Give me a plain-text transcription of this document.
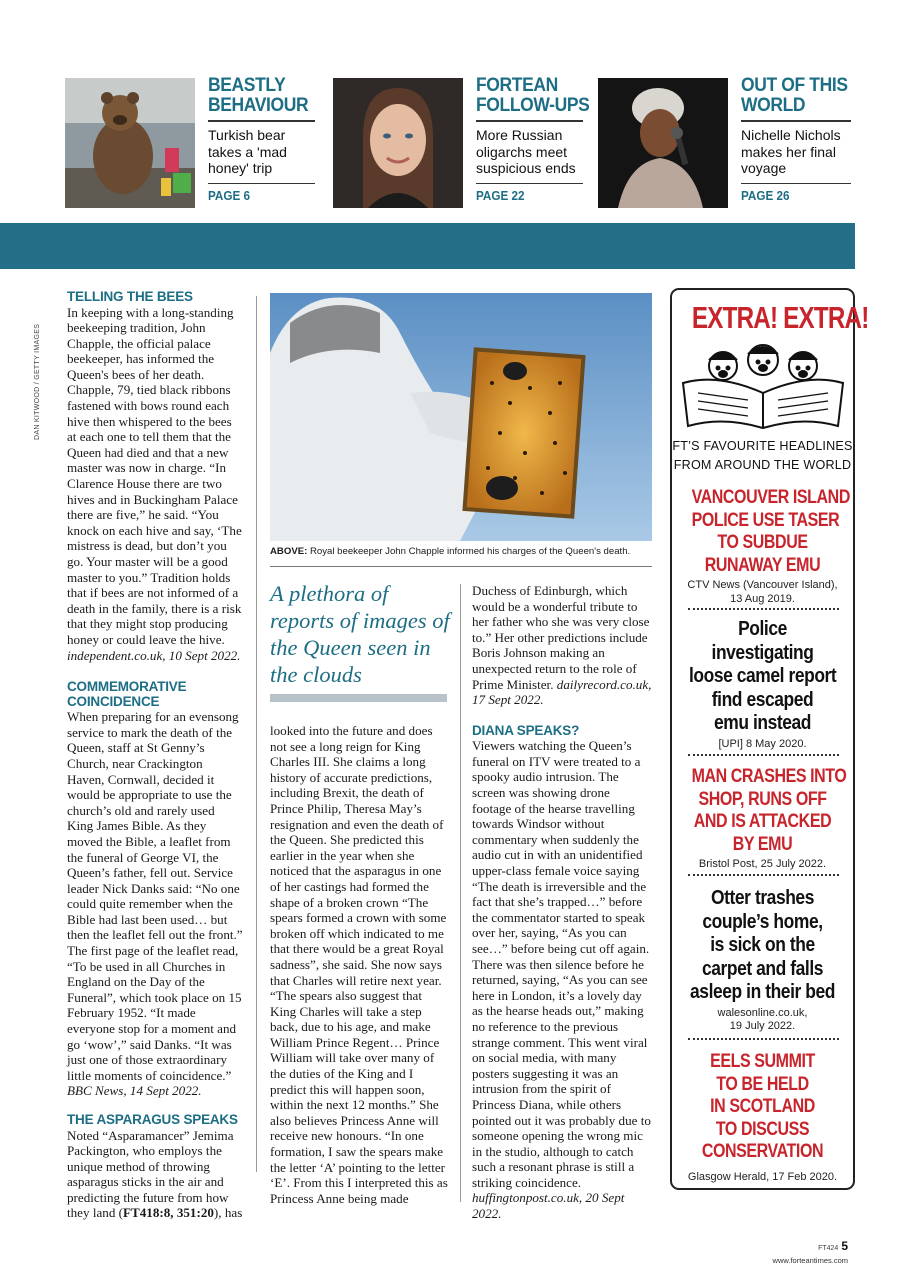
BEASTLY
BEHAVIOUR
Turkish bear
takes a 'mad
honey' trip
PAGE 6
FORTEAN
FOLLOW-UPS
More Russian
oligarchs meet
suspicious ends
PAGE 22
OUT OF THIS
WORLD
Nichelle Nichols
makes her final
voyage
PAGE 26
DAN KITWOOD / GETTY IMAGES
TELLING THE BEES

In keeping with a long-standing beekeeping tradition, John Chapple, the official palace beekeeper, has informed the Queen's bees of her death. Chapple, 79, tied black ribbons fastened with bows round each hive then whispered to the bees at each one to tell them that the Queen had died and that a new master was now in charge. “In Clarence House there are two hives and in Buckingham Palace there are five,” he said. “You knock on each hive and say, ‘The mistress is dead, but don’t you go. Your master will be a good master to you.” Tradition holds that if bees are not informed of a death in the family, there is a risk that they might stop producing honey or could leave the hive. independent.co.uk, 10 Sept 2022.

COMMEMORATIVE
COINCIDENCE

When preparing for an evensong service to mark the death of the Queen, staff at St Genny’s Church, near Crackington Haven, Cornwall, decided it would be appropriate to use the church’s old and rarely used King James Bible. As they moved the Bible, a leaflet from the funeral of George VI, the Queen’s father, fell out. Service leader Nick Danks said: “No one could quite remember when the Bible had last been used… but then the leaflet fell out the front.” The first page of the leaflet read, “To be used in all Churches in England on the Day of the Funeral”, which took place on 15 February 1952. “It made everyone stop for a moment and go ‘wow’,” said Danks. “It was just one of those extraordinary little moments of coincidence.” BBC News, 14 Sept 2022.

THE ASPARAGUS SPEAKS

Noted “Asparamancer” Jemima Packington, who employs the unique method of throwing asparagus sticks in the air and predicting the future from how they land (FT418:8, 351:20), has

ABOVE: Royal beekeeper John Chapple informed his charges of the Queen's death.
A plethora of reports of images of the Queen seen in the clouds

looked into the future and does not see a long reign for King Charles III. She claims a long history of accurate predictions, including Brexit, the death of Prince Philip, Theresa May’s resignation and even the death of the Queen. She predicted this earlier in the year when she noticed that the asparagus in one of her castings had formed the shape of a broken crown “The spears formed a crown with some broken off which indicated to me that there would be a great Royal sadness”, she said. She now says that Charles will retire next year. “The spears also suggest that King Charles will take a step back, due to his age, and make William Prince Regent… Prince William will take over many of the duties of the King and I predict this will happen soon, within the next 12 months.” She also believes Princess Anne will receive new honours. “In one formation, I saw the spears make the letter ‘A’ pointing to the letter ‘E’. From this I interpreted this as Princess Anne being made

Duchess of Edinburgh, which would be a wonderful tribute to her father who she was very close to.” Her other predictions include Boris Johnson making an unexpected return to the role of Prime Minister. dailyrecord.co.uk, 17 Sept 2022.

DIANA SPEAKS?

Viewers watching the Queen’s funeral on ITV were treated to a spooky audio intrusion. The screen was showing drone footage of the hearse travelling towards Windsor without commentary when suddenly the audio cut in with an unidentified upper-class female voice saying “The death is irreversible and the fact that she’s trapped…” before the commentator started to speak over her, saying, “As you can see…” before being cut off again. There was then silence before he returned, saying, “As you can see here in London, it’s a lovely day as the hearse heads out,” making no reference to the previous strange comment. This went viral on social media, with many posters suggesting it was an intrusion from the spirit of Princess Diana, while others pointed out it was probably due to someone opening the wrong mic in the studio, although to catch such a resonant phrase is still a striking coincidence. huffingtonpost.co.uk, 20 Sept 2022.

EXTRA! EXTRA!
FT’S FAVOURITE HEADLINES
FROM AROUND THE WORLD
VANCOUVER ISLAND
POLICE USE TASER
TO SUBDUE
RUNAWAY EMU
CTV News (Vancouver Island),
13 Aug 2019.
Police
investigating
loose camel report
find escaped
emu instead
[UPI] 8 May 2020.
MAN CRASHES INTO
SHOP, RUNS OFF
AND IS ATTACKED
BY EMU
Bristol Post, 25 July 2022.
Otter trashes
couple’s home,
is sick on the
carpet and falls
asleep in their bed
walesonline.co.uk,
19 July 2022.
EELS SUMMIT
TO BE HELD
IN SCOTLAND
TO DISCUSS
CONSERVATION
Glasgow Herald, 17 Feb 2020.
FT424 5
www.forteantimes.com
